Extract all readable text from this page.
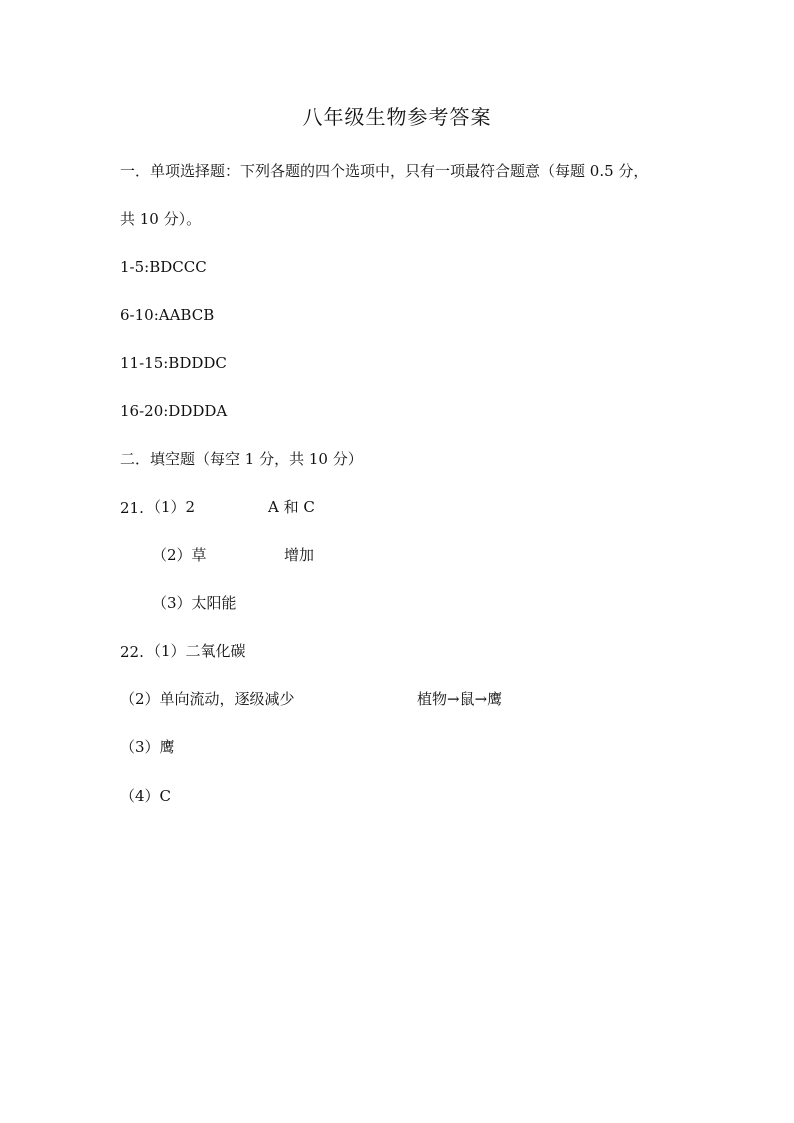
八年级生物参考答案
一．单项选择题：下列各题的四个选项中，只有一项最符合题意（每题 0.5 分，
共 10 分）。
1-5:BDCCC
6-10:AABCB
11-15:BDDDC
16-20:DDDDA
二．填空题（每空 1 分，共 10 分）
21. （1）2	A 和 C
（2）草	增加
（3）太阳能
22. （1）二氧化碳
（2）单向流动，逐级减少	植物→鼠→鹰
（3）鹰
（4）C
